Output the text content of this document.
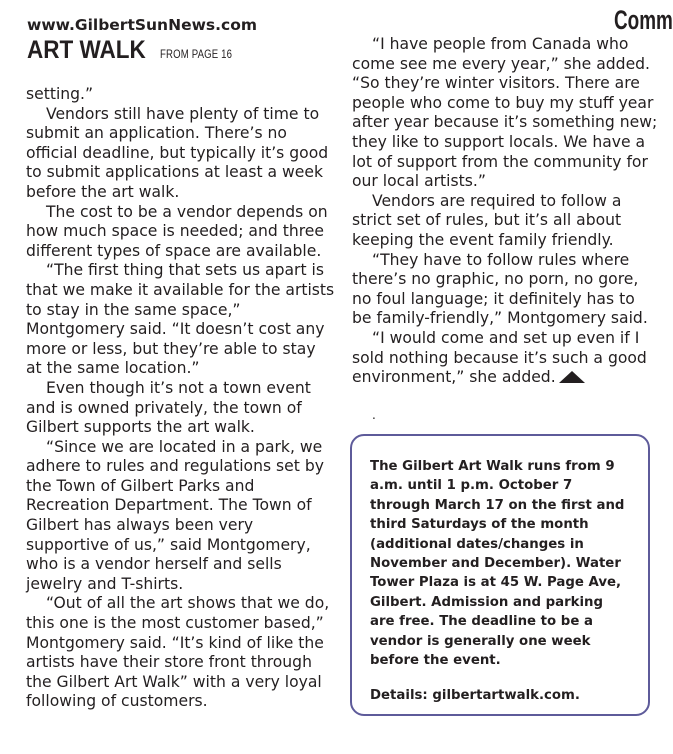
www.GilbertSunNews.com	Comm
ART WALK FROM PAGE 16

setting.”

Vendors still have plenty of time to submit an application. There’s no official deadline, but typically it’s good to submit applications at least a week before the art walk.

The cost to be a vendor depends on how much space is needed; and three different types of space are available.

“The first thing that sets us apart is that we make it available for the artists to stay in the same space,” Montgomery said. “It doesn’t cost any more or less, but they’re able to stay at the same location.”

Even though it’s not a town event and is owned privately, the town of Gilbert supports the art walk.

“Since we are located in a park, we adhere to rules and regulations set by the Town of Gilbert Parks and Recreation Department. The Town of Gilbert has always been very supportive of us,” said Montgomery, who is a vendor herself and sells jewelry and T-shirts.

“Out of all the art shows that we do, this one is the most customer based,” Montgomery said. “It’s kind of like the artists have their store front through the Gilbert Art Walk” with a very loyal following of customers.

“I have people from Canada who come see me every year,” she added. “So they’re winter visitors. There are people who come to buy my stuff year after year because it’s something new; they like to support locals. We have a lot of support from the community for our local artists.”

Vendors are required to follow a strict set of rules, but it’s all about keeping the event family friendly.

“They have to follow rules where there’s no graphic, no porn, no gore, no foul language; it definitely has to be family-friendly,” Montgomery said.

“I would come and set up even if I sold nothing because it’s such a good environment,” she added.

.

The Gilbert Art Walk runs from 9 a.m. until 1 p.m. October 7 through March 17 on the first and third Saturdays of the month (additional dates/changes in November and December). Water Tower Plaza is at 45 W. Page Ave, Gilbert. Admission and parking are free. The deadline to be a vendor is generally one week before the event.

Details: gilbertartwalk.com.
